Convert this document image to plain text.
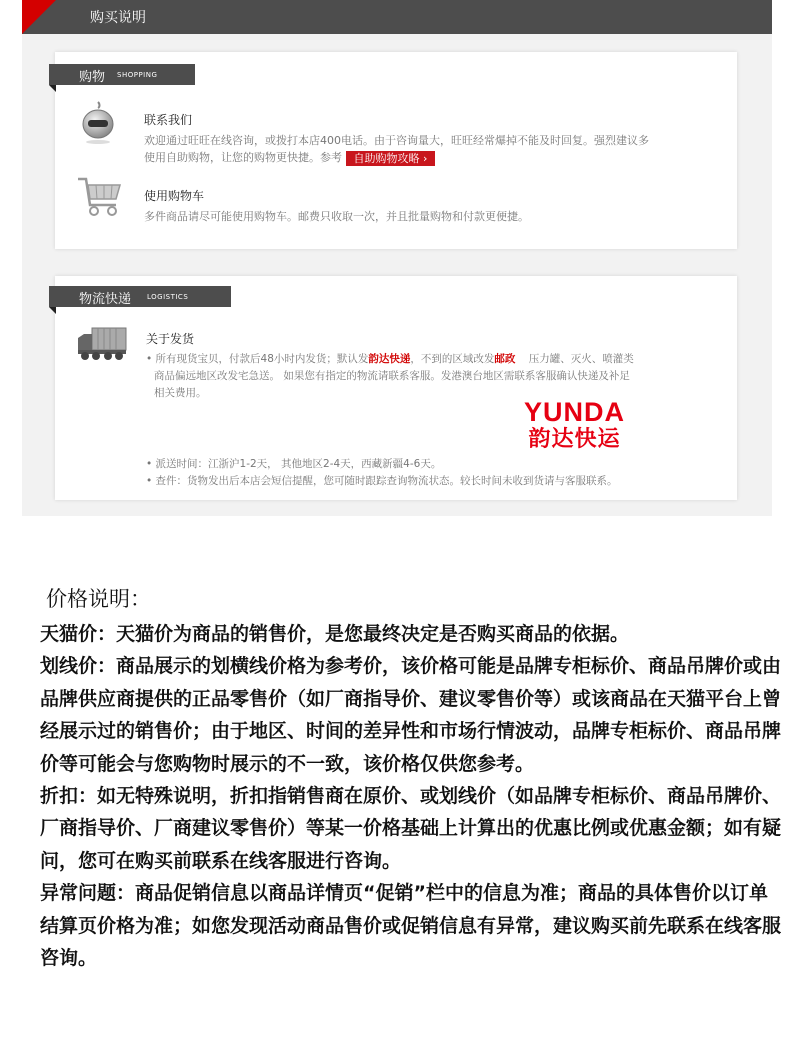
购买说明
购物 SHOPPING
联系我们
欢迎通过旺旺在线咨询，或拨打本店400电话。由于咨询量大，旺旺经常爆掉不能及时回复。强烈建议多
使用自助购物，让您的购物更快捷。参考 自助购物攻略 ›
使用购物车
多件商品请尽可能使用购物车。邮费只收取一次，并且批量购物和付款更便捷。
物流快递 LOGISTICS
关于发货
• 所有现货宝贝，付款后48小时内发货；默认发韵达快递，不到的区域改发邮政 压力罐、灭火、喷灌类
商品偏远地区改发宅急送。 如果您有指定的物流请联系客服。发港澳台地区需联系客服确认快递及补足
相关费用。
YUNDA
韵达快运
• 派送时间：江浙沪1-2天， 其他地区2-4天，西藏新疆4-6天。
• 查件：货物发出后本店会短信提醒，您可随时跟踪查询物流状态。较长时间未收到货请与客服联系。
价格说明：

天猫价：天猫价为商品的销售价，是您最终决定是否购买商品的依据。

划线价：商品展示的划横线价格为参考价，该价格可能是品牌专柜标价、商品吊牌价或由品牌供应商提供的正品零售价（如厂商指导价、建议零售价等）或该商品在天猫平台上曾经展示过的销售价；由于地区、时间的差异性和市场行情波动，品牌专柜标价、商品吊牌价等可能会与您购物时展示的不一致，该价格仅供您参考。

折扣：如无特殊说明，折扣指销售商在原价、或划线价（如品牌专柜标价、商品吊牌价、厂商指导价、厂商建议零售价）等某一价格基础上计算出的优惠比例或优惠金额；如有疑问，您可在购买前联系在线客服进行咨询。

异常问题：商品促销信息以商品详情页“促销”栏中的信息为准；商品的具体售价以订单结算页价格为准；如您发现活动商品售价或促销信息有异常，建议购买前先联系在线客服咨询。
